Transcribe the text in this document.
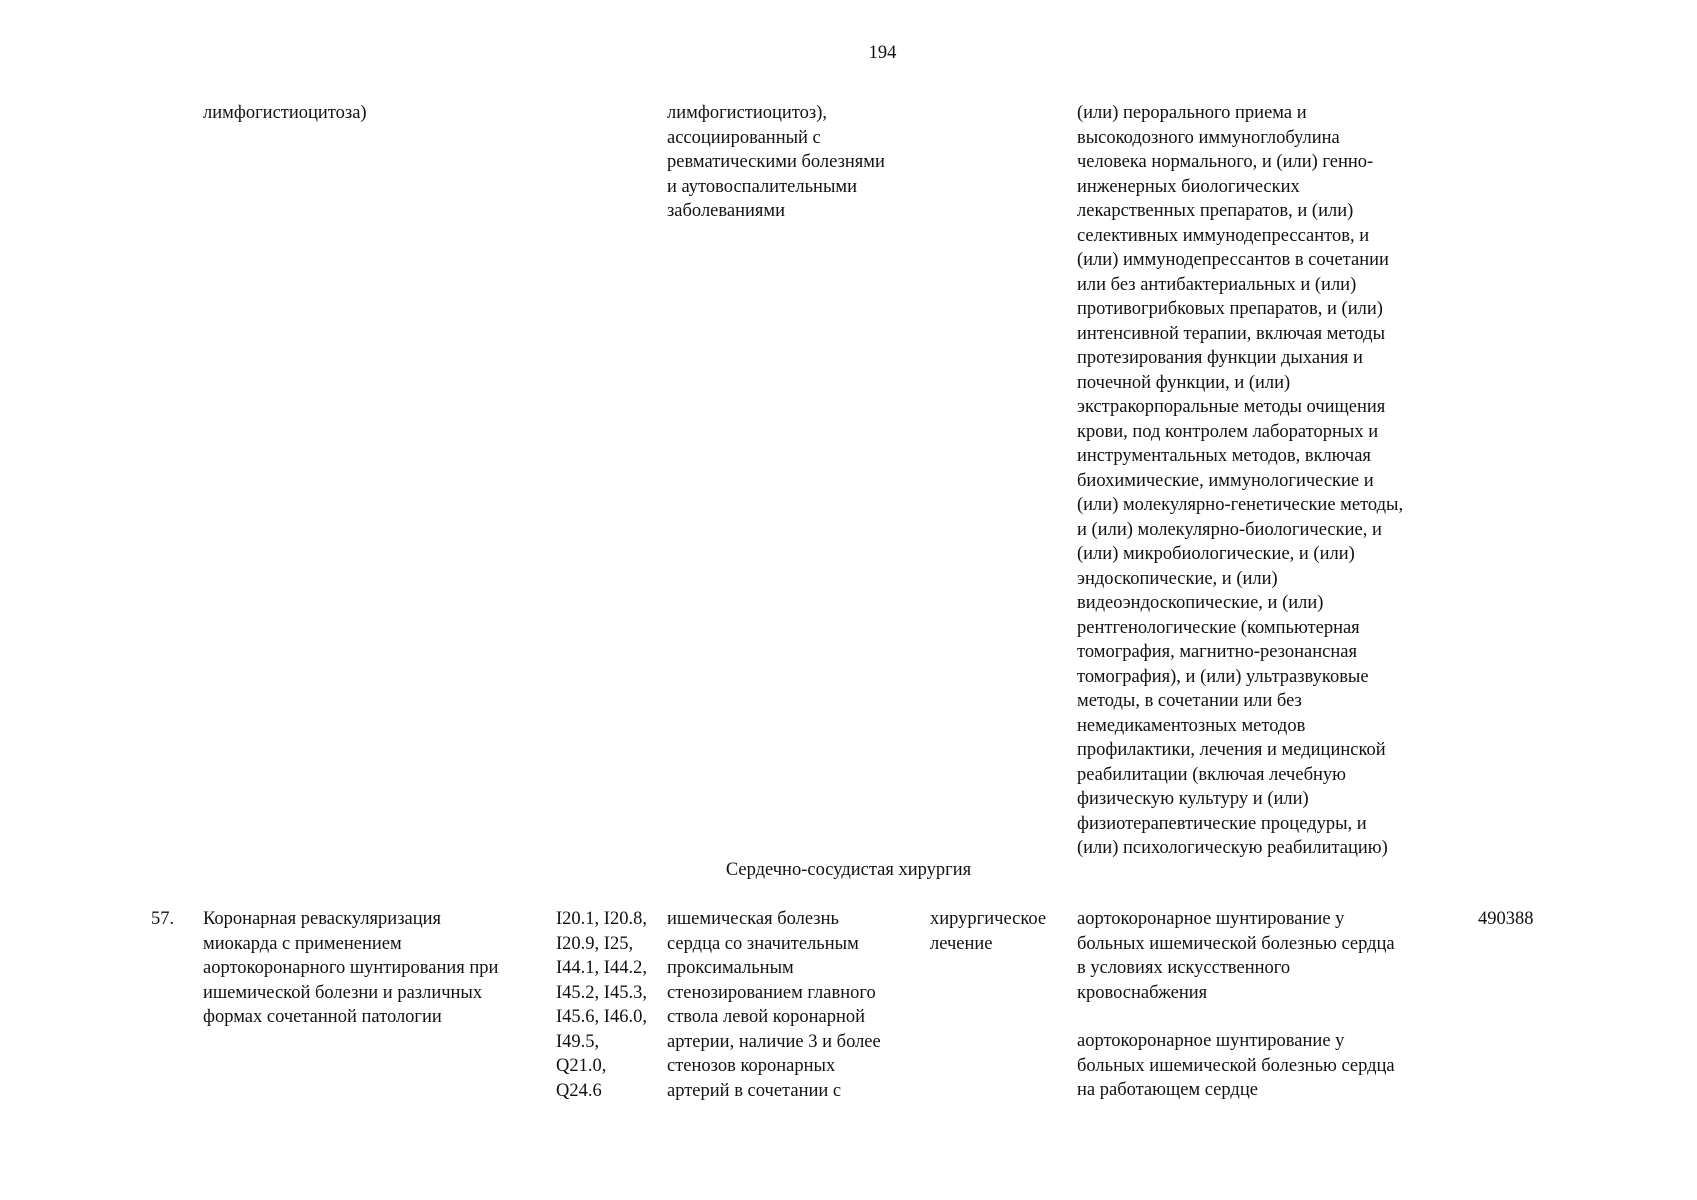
194
лимфогистиоцитоза)	лимфогистиоцитоз),
ассоциированный с
ревматическими болезнями
и аутовоспалительными
заболеваниями
(или) перорального приема и
высокодозного иммуноглобулина
человека нормального, и (или) генно-
инженерных биологических
лекарственных препаратов, и (или)
селективных иммунодепрессантов, и
(или) иммунодепрессантов в сочетании
или без антибактериальных и (или)
противогрибковых препаратов, и (или)
интенсивной терапии, включая методы
протезирования функции дыхания и
почечной функции, и (или)
экстракорпоральные методы очищения
крови, под контролем лабораторных и
инструментальных методов, включая
биохимические, иммунологические и
(или) молекулярно-генетические методы,
и (или) молекулярно-биологические, и
(или) микробиологические, и (или)
эндоскопические, и (или)
видеоэндоскопические, и (или)
рентгенологические (компьютерная
томография, магнитно-резонансная
томография), и (или) ультразвуковые
методы, в сочетании или без
немедикаментозных методов
профилактики, лечения и медицинской
реабилитации (включая лечебную
физическую культуру и (или)
физиотерапевтические процедуры, и
(или) психологическую реабилитацию)
Сердечно-сосудистая хирургия
57. Коронарная реваскуляризация
миокарда с применением
аортокоронарного шунтирования при
ишемической болезни и различных
формах сочетанной патологии
I20.1, I20.8,
I20.9, I25,
I44.1, I44.2,
I45.2, I45.3,
I45.6, I46.0,
I49.5,
Q21.0,
Q24.6
ишемическая болезнь
сердца со значительным
проксимальным
стенозированием главного
ствола левой коронарной
артерии, наличие 3 и более
стенозов коронарных
артерий в сочетании с
хирургическое
лечение
аортокоронарное шунтирование у
больных ишемической болезнью сердца
в условиях искусственного
кровоснабжения
аортокоронарное шунтирование у
больных ишемической болезнью сердца
на работающем сердце
490388
